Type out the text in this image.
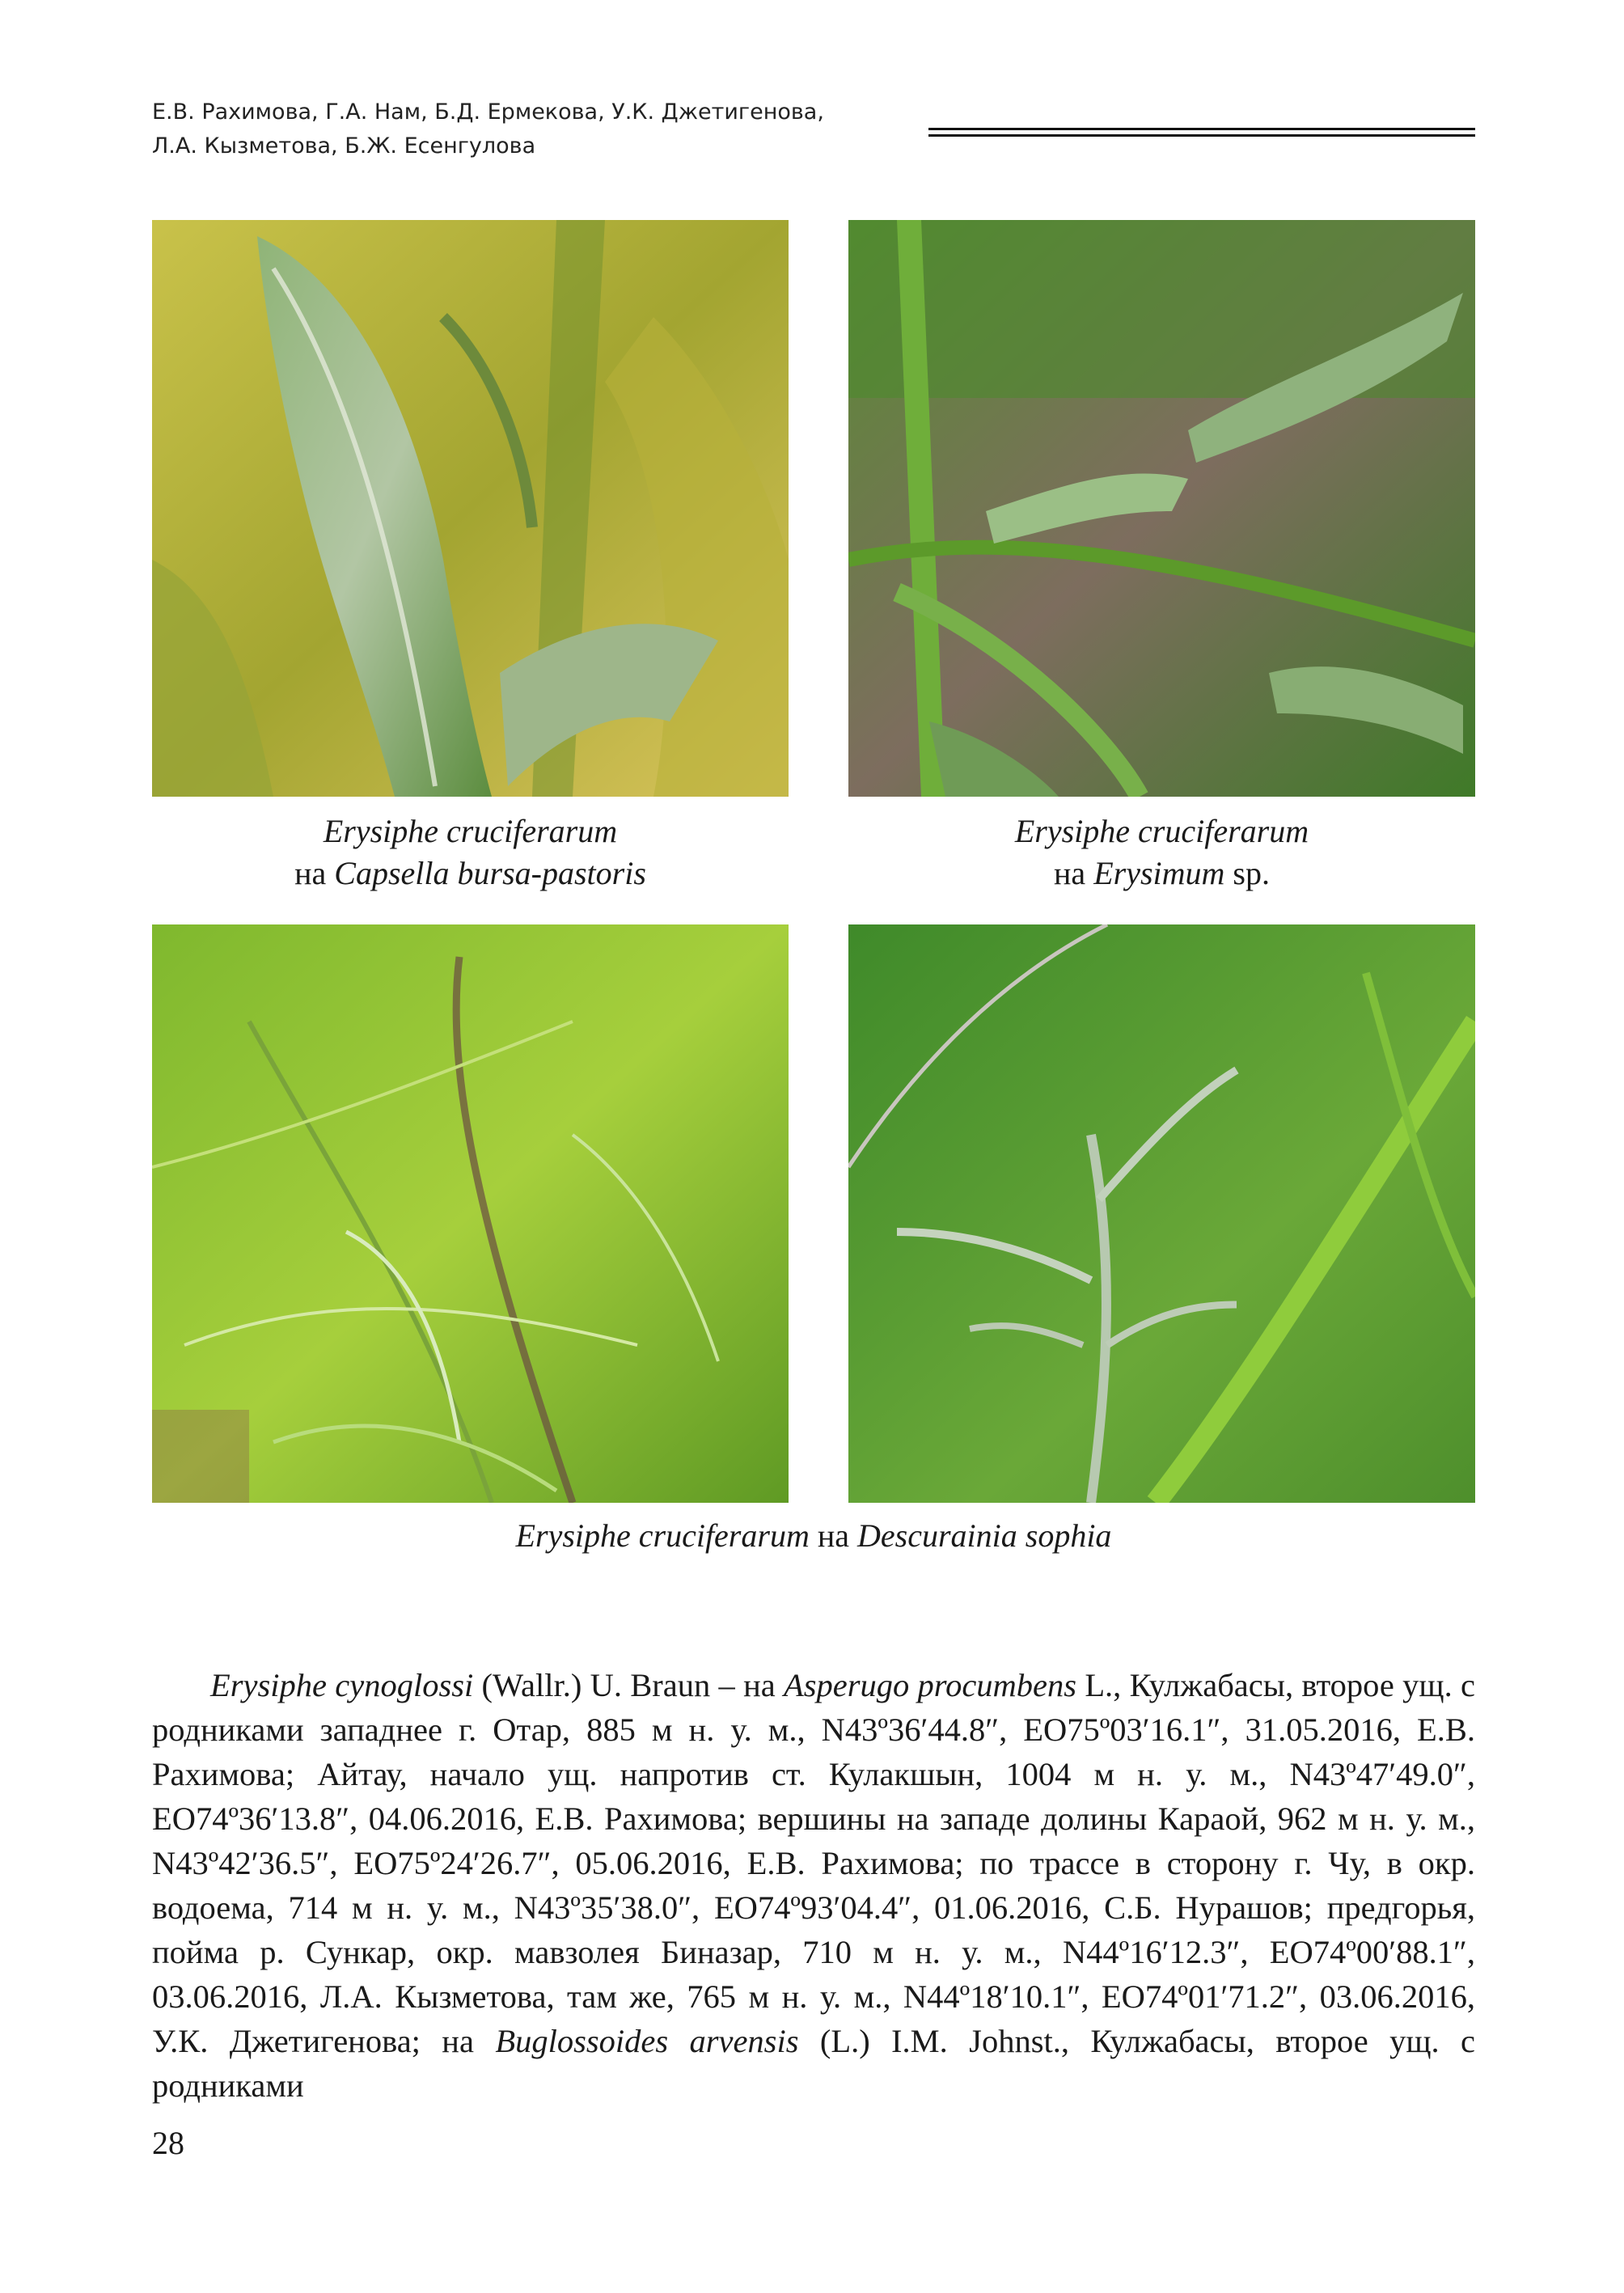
Е.В. Рахимова, Г.А. Нам, Б.Д. Ермекова, У.К. Джетигенова,
Л.А. Кызметова, Б.Ж. Есенгулова
Erysiphe cruciferarum
на Capsella bursa-pastoris
Erysiphe cruciferarum
на Erysimum sp.
Erysiphe cruciferarum на Descurainia sophia

Erysiphe cynoglossi (Wallr.) U. Braun – на Asperugo procumbens L., Кулжабасы, второе ущ. с родниками западнее г. Отар, 885 м н. у. м., N43º36′44.8″, EO75º03′16.1″, 31.05.2016, Е.В. Рахимова; Айтау, начало ущ. напротив ст. Кулакшын, 1004 м н. у. м., N43º47′49.0″, EO74º36′13.8″, 04.06.2016, Е.В. Рахимова; вершины на западе долины Караой, 962 м н. у. м., N43º42′36.5″, EO75º24′26.7″, 05.06.2016, Е.В. Рахимова; по трассе в сторону г. Чу, в окр. водоема, 714 м н. у. м., N43º35′38.0″, EO74º93′04.4″, 01.06.2016, С.Б. Нурашов; предгорья, пойма р. Сункар, окр. мавзолея Биназар, 710 м н. у. м., N44º16′12.3″, EO74º00′88.1″, 03.06.2016, Л.А. Кызметова, там же, 765 м н. у. м., N44º18′10.1″, EO74º01′71.2″, 03.06.2016, У.К. Джетигенова; на Buglossoides arvensis (L.) I.M. Johnst., Кулжабасы, второе ущ. с родниками

28
